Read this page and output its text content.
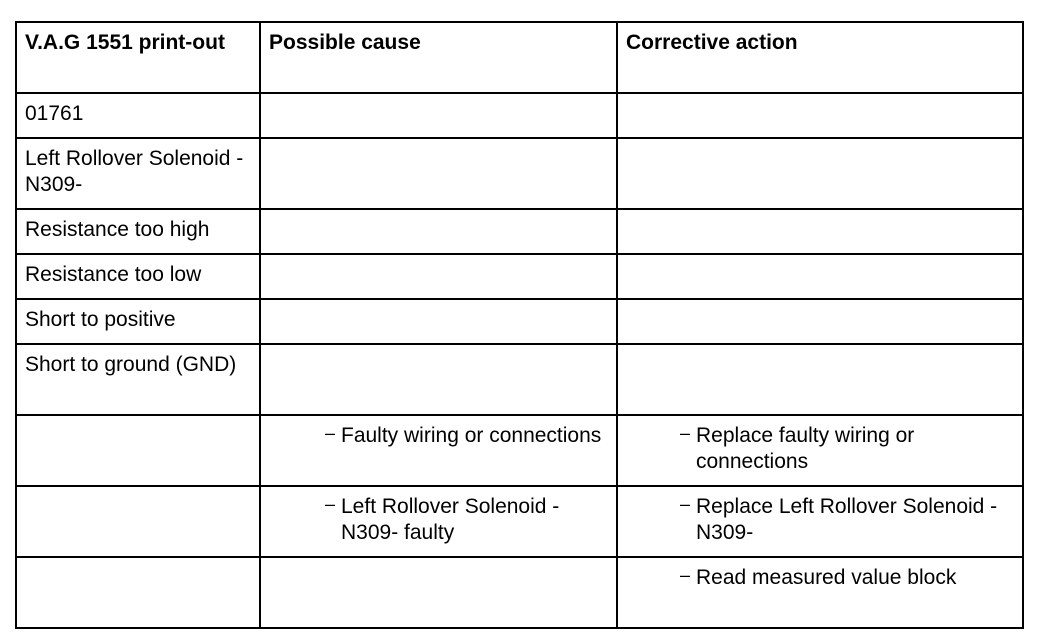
V.A.G 1551 print-out	Possible cause	Corrective action
01761		
Left Rollover Solenoid -N309-		
Resistance too high		
Resistance too low		
Short to positive		
Short to ground (GND)		

	– Faulty wiring or connections	– Replace faulty wiring or connections

	– Left Rollover Solenoid -N309- faulty	– Replace Left Rollover Solenoid -N309-

		– Read measured value block
